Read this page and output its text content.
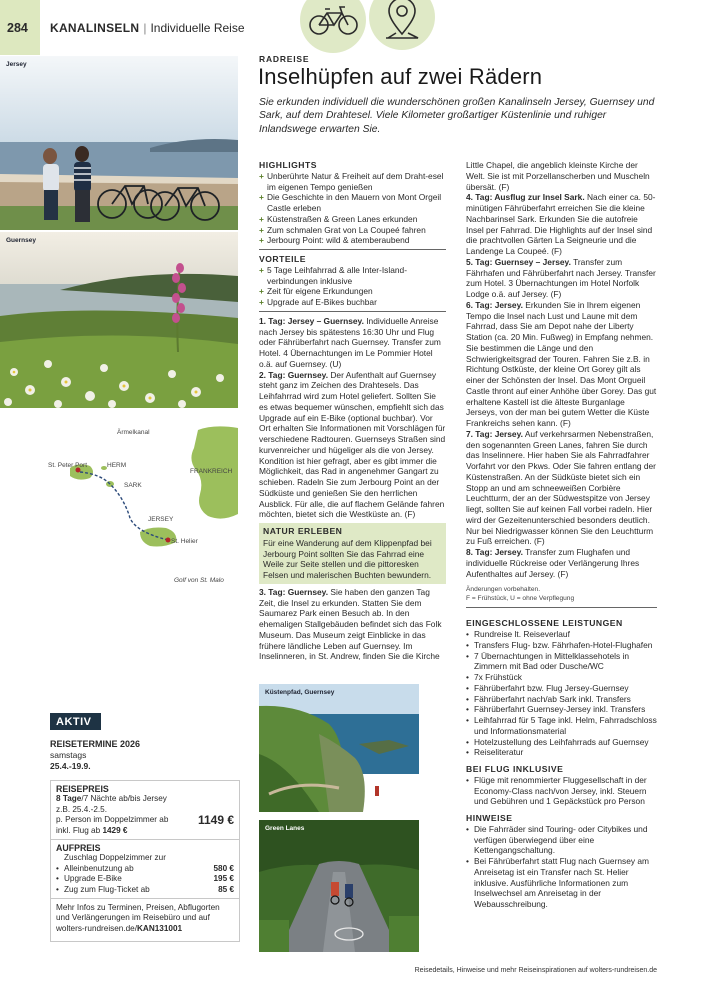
284	KANALINSELN | Individuelle Reise
Jersey
Guernsey
Ärmelkanal
St. Peter Port	HERM
SARK
FRANKREICH
JERSEY
St. Helier
Golf von St. Malo
AKTIV
REISETERMINE 2026
samstags
25.4.-19.9.
REISEPREIS
8 Tage/7 Nächte ab/bis Jersey
z.B. 25.4.-2.5.
p. Person im Doppelzimmer ab 1149 €
inkl. Flug ab 1429 €
AUFPREIS
• Zuschlag Doppelzimmer zur Alleinbenutzung ab	580 €
• Upgrade E-Bike	195 €
• Zug zum Flug-Ticket ab	85 €
Mehr Infos zu Terminen, Preisen, Abflugorten und Verlängerungen im Reisebüro und auf wolters-rundreisen.de/KAN131001
RADREISE
Inselhüpfen auf zwei Rädern
Sie erkunden individuell die wunderschönen großen Kanalinseln Jersey, Guernsey und Sark, auf dem Drahtesel. Viele Kilometer großartiger Küstenlinie und ruhiger Inlandswege erwarten Sie.
HIGHLIGHTS
+ Unberührte Natur & Freiheit auf dem Draht-esel im eigenen Tempo genießen
+ Die Geschichte in den Mauern von Mont Orgeil Castle erleben
+ Küstenstraßen & Green Lanes erkunden
+ Zum schmalen Grat von La Coupeé fahren
+ Jerbourg Point: wild & atemberaubend
VORTEILE
+ 5 Tage Leihfahrrad & alle Inter-Island-verbindungen inklusive
+ Zeit für eigene Erkundungen
+ Upgrade auf E-Bikes buchbar

1. Tag: Jersey – Guernsey. Individuelle Anreise nach Jersey bis spätestens 16:30 Uhr und Flug oder Fährüberfahrt nach Guernsey. Transfer zum Hotel. 4 Übernachtungen im Le Pommier Hotel o.ä. auf Guernsey. (U)

2. Tag: Guernsey. Der Aufenthalt auf Guernsey steht ganz im Zeichen des Drahtesels. Das Leihfahrrad wird zum Hotel geliefert. Sollten Sie es etwas bequemer wünschen, empfiehlt sich das Upgrade auf ein E-Bike (optional buchbar). Vor Ort erhalten Sie Informationen mit Vorschlägen für verschiedene Radtouren. Guernseys Straßen sind kurvenreicher und hügeliger als die von Jersey. Kondition ist hier gefragt, aber es gibt immer die Möglichkeit, das Rad in angenehmer Gangart zu schieben. Radeln Sie zum Jerbourg Point an der Südküste und genießen Sie den herrlichen Ausblick. Für alle, die auf flachem Gelände fahren möchten, bietet sich die Westküste an. (F)

NATUR ERLEBEN
Für eine Wanderung auf dem Klippenpfad bei Jerbourg Point sollten Sie das Fahrrad eine Weile zur Seite stellen und die pittoresken Felsen und malerischen Buchten bewundern.

3. Tag: Guernsey. Sie haben den ganzen Tag Zeit, die Insel zu erkunden. Statten Sie dem Saumarez Park einen Besuch ab. In den ehemaligen Stallgebäuden befindet sich das Folk Museum. Das Museum zeigt Einblicke in das frühere ländliche Leben auf Guernsey. Im Inselinneren, in St. Andrew, finden Sie die Kirche

Küstenpfad, Guernsey
Green Lanes

Little Chapel, die angeblich kleinste Kirche der Welt. Sie ist mit Porzellanscherben und Muscheln übersät. (F)

4. Tag: Ausflug zur Insel Sark. Nach einer ca. 50-minütigen Fährüberfahrt erreichen Sie die kleine Nachbarinsel Sark. Erkunden Sie die autofreie Insel per Fahrrad. Die Highlights auf der Insel sind die prachtvollen Gärten La Seigneurie und die Landenge La Coupeé. (F)

5. Tag: Guernsey – Jersey. Transfer zum Fährhafen und Fährüberfahrt nach Jersey. Transfer zum Hotel. 3 Übernachtungen im Hotel Norfolk Lodge o.ä. auf Jersey. (F)

6. Tag: Jersey. Erkunden Sie in Ihrem eigenen Tempo die Insel nach Lust und Laune mit dem Fahrrad, dass Sie am Depot nahe der Liberty Station (ca. 20 Min. Fußweg) in Empfang nehmen. Sie bestimmen die Länge und den Schwierigkeitsgrad der Touren. Fahren Sie z.B. in Richtung Ostküste, der kleine Ort Gorey gilt als einer der Schönsten der Insel. Das Mont Orgueil Castle thront auf einer Anhöhe über Gorey. Das gut erhaltene Kastell ist die älteste Burganlage Jerseys, von der man bei gutem Wetter die Küste Frankreichs sehen kann. (F)

7. Tag: Jersey. Auf verkehrsarmen Nebenstraßen, den sogenannten Green Lanes, fahren Sie durch das Inselinnere. Hier haben Sie als Fahrradfahrer Vorfahrt vor den Pkws. Oder Sie fahren entlang der Küstenstraßen. An der Südküste bietet sich ein Stopp an und am schneeweißen Corbière Leuchtturm, der an der Südwestspitze von Jersey liegt, sollten Sie auf keinen Fall vorbei radeln. Hier wird der Gezeitenunterschied besonders deutlich. Nur bei Niedrigwasser können Sie den Leuchtturm zu Fuß erreichen. (F)

8. Tag: Jersey. Transfer zum Flughafen und individuelle Rückreise oder Verlängerung Ihres Aufenthaltes auf Jersey. (F)

Änderungen vorbehalten.
F = Frühstück, U = ohne Verpflegung
EINGESCHLOSSENE LEISTUNGEN
• Rundreise lt. Reiseverlauf
• Transfers Flug- bzw. Fährhafen-Hotel-Flughafen
• 7 Übernachtungen in Mittelklassehotels in Zimmern mit Bad oder Dusche/WC
• 7x Frühstück
• Fährüberfahrt bzw. Flug Jersey-Guernsey
• Fährüberfahrt nach/ab Sark inkl. Transfers
• Fährüberfahrt Guernsey-Jersey inkl. Transfers
• Leihfahrrad für 5 Tage inkl. Helm, Fahrradschloss und Informationsmaterial
• Hotelzustellung des Leihfahrrads auf Guernsey
• Reiseliteratur
BEI FLUG INKLUSIVE
• Flüge mit renommierter Fluggesellschaft in der Economy-Class nach/von Jersey, inkl. Steuern und Gebühren und 1 Gepäckstück pro Person
HINWEISE
• Die Fahrräder sind Touring- oder Citybikes und verfügen überwiegend über eine Kettengangschaltung.
• Bei Fährüberfahrt statt Flug nach Guernsey am Anreisetag ist ein Transfer nach St. Helier inklusive. Ausführliche Informationen zum Inselwechsel am Anreisetag in der Webausschreibung.
Reisedetails, Hinweise und mehr Reiseinspirationen auf wolters-rundreisen.de
